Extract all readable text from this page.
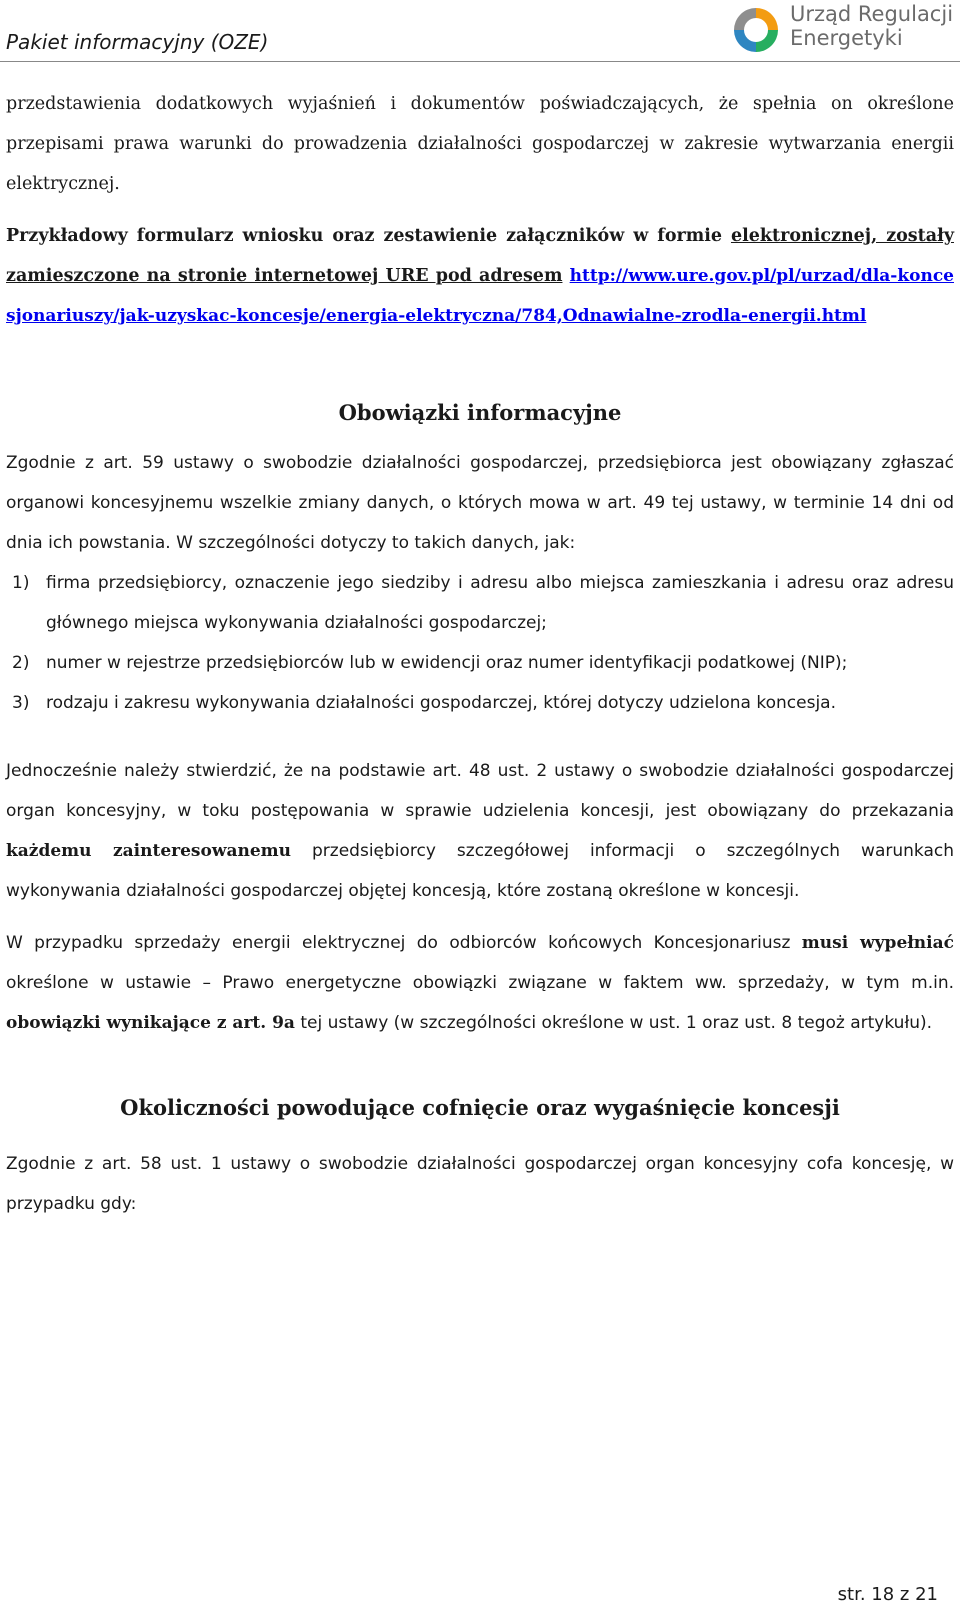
Pakiet informacyjny (OZE)
Urząd Regulacji
Energetyki

przedstawienia dodatkowych wyjaśnień i dokumentów poświadczających, że spełnia on określone przepisami prawa warunki do prowadzenia działalności gospodarczej w zakresie wytwarzania energii elektrycznej.

Przykładowy formularz wniosku oraz zestawienie załączników w formie elektronicznej, zostały zamieszczone na stronie internetowej URE pod adresem http://www.ure.gov.pl/pl/urzad/dla-koncesjonariuszy/jak-uzyskac-koncesje/energia-elektryczna/784,Odnawialne-zrodla-energii.html

Obowiązki informacyjne

Zgodnie z art. 59 ustawy o swobodzie działalności gospodarczej, przedsiębiorca jest obowiązany zgłaszać organowi koncesyjnemu wszelkie zmiany danych, o których mowa w art. 49 tej ustawy, w terminie 14 dni od dnia ich powstania. W szczególności dotyczy to takich danych, jak:

1) firma przedsiębiorcy, oznaczenie jego siedziby i adresu albo miejsca zamieszkania i adresu oraz adresu głównego miejsca wykonywania działalności gospodarczej;
2) numer w rejestrze przedsiębiorców lub w ewidencji oraz numer identyfikacji podatkowej (NIP);
3) rodzaju i zakresu wykonywania działalności gospodarczej, której dotyczy udzielona koncesja.

Jednocześnie należy stwierdzić, że na podstawie art. 48 ust. 2 ustawy o swobodzie działalności gospodarczej organ koncesyjny, w toku postępowania w sprawie udzielenia koncesji, jest obowiązany do przekazania każdemu zainteresowanemu przedsiębiorcy szczegółowej informacji o szczególnych warunkach wykonywania działalności gospodarczej objętej koncesją, które zostaną określone w koncesji.

W przypadku sprzedaży energii elektrycznej do odbiorców końcowych Koncesjonariusz musi wypełniać określone w ustawie – Prawo energetyczne obowiązki związane w faktem ww. sprzedaży, w tym m.in. obowiązki wynikające z art. 9a tej ustawy (w szczególności określone w ust. 1 oraz ust. 8 tegoż artykułu).

Okoliczności powodujące cofnięcie oraz wygaśnięcie koncesji

Zgodnie z art. 58 ust. 1 ustawy o swobodzie działalności gospodarczej organ koncesyjny cofa koncesję, w przypadku gdy:

str. 18 z 21
